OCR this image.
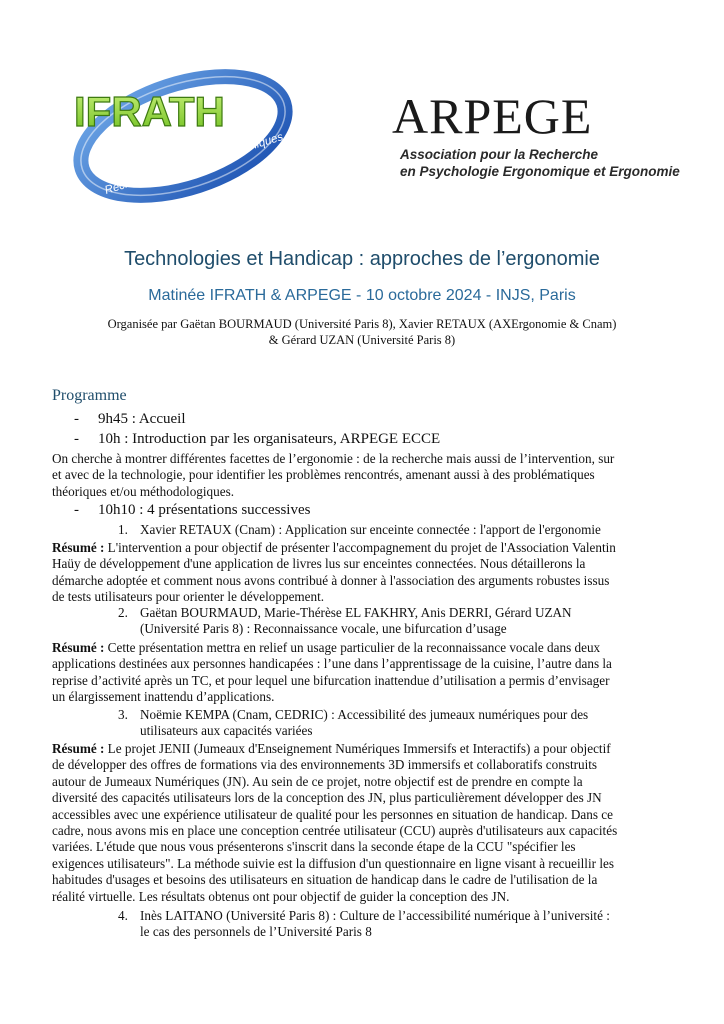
IFRATH
Recherche sur les Aides Techniques
ARPEGE
Association pour la Recherche
en Psychologie Ergonomique et Ergonomie
Technologies et Handicap : approches de l’ergonomie
Matinée IFRATH & ARPEGE - 10 octobre 2024 - INJS, Paris
Organisée par Gaëtan BOURMAUD (Université Paris 8), Xavier RETAUX (AXErgonomie & Cnam)
& Gérard UZAN (Université Paris 8)
Programme
- 9h45 : Accueil
- 10h : Introduction par les organisateurs, ARPEGE ECCE
On cherche à montrer différentes facettes de l’ergonomie : de la recherche mais aussi de l’intervention, sur
et avec de la technologie, pour identifier les problèmes rencontrés, amenant aussi à des problématiques
théoriques et/ou méthodologiques.
- 10h10 : 4 présentations successives
1. Xavier RETAUX (Cnam) : Application sur enceinte connectée : l'apport de l'ergonomie
Résumé : L'intervention a pour objectif de présenter l'accompagnement du projet de l'Association Valentin
Haüy de développement d'une application de livres lus sur enceintes connectées. Nous détaillerons la
démarche adoptée et comment nous avons contribué à donner à l'association des arguments robustes issus
de tests utilisateurs pour orienter le développement.
2. Gaëtan BOURMAUD, Marie-Thérèse EL FAKHRY, Anis DERRI, Gérard UZAN
(Université Paris 8) : Reconnaissance vocale, une bifurcation d’usage
Résumé : Cette présentation mettra en relief un usage particulier de la reconnaissance vocale dans deux
applications destinées aux personnes handicapées : l’une dans l’apprentissage de la cuisine, l’autre dans la
reprise d’activité après un TC, et pour lequel une bifurcation inattendue d’utilisation a permis d’envisager
un élargissement inattendu d’applications.
3. Noëmie KEMPA (Cnam, CEDRIC) : Accessibilité des jumeaux numériques pour des
utilisateurs aux capacités variées
Résumé : Le projet JENII (Jumeaux d'Enseignement Numériques Immersifs et Interactifs) a pour objectif
de développer des offres de formations via des environnements 3D immersifs et collaboratifs construits
autour de Jumeaux Numériques (JN). Au sein de ce projet, notre objectif est de prendre en compte la
diversité des capacités utilisateurs lors de la conception des JN, plus particulièrement développer des JN
accessibles avec une expérience utilisateur de qualité pour les personnes en situation de handicap. Dans ce
cadre, nous avons mis en place une conception centrée utilisateur (CCU) auprès d'utilisateurs aux capacités
variées. L'étude que nous vous présenterons s'inscrit dans la seconde étape de la CCU "spécifier les
exigences utilisateurs". La méthode suivie est la diffusion d'un questionnaire en ligne visant à recueillir les
habitudes d'usages et besoins des utilisateurs en situation de handicap dans le cadre de l'utilisation de la
réalité virtuelle. Les résultats obtenus ont pour objectif de guider la conception des JN.
4. Inès LAITANO (Université Paris 8) : Culture de l’accessibilité numérique à l’université :
le cas des personnels de l’Université Paris 8
